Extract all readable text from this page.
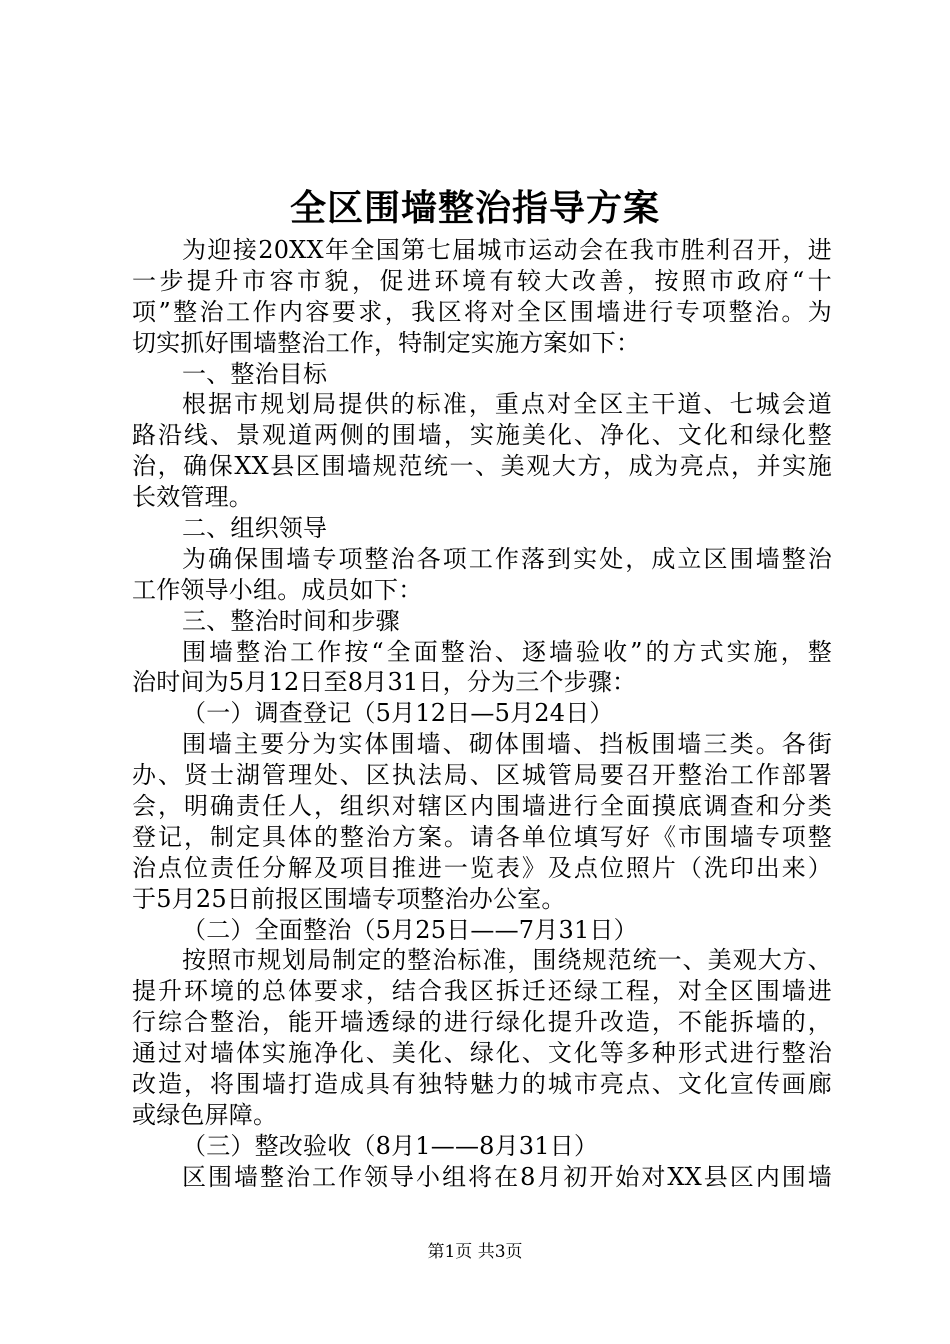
全区围墙整治指导方案
为迎接20XX年全国第七届城市运动会在我市胜利召开，进
一步提升市容市貌，促进环境有较大改善，按照市政府“十
项”整治工作内容要求，我区将对全区围墙进行专项整治。为
切实抓好围墙整治工作，特制定实施方案如下：
一、整治目标
根据市规划局提供的标准，重点对全区主干道、七城会道
路沿线、景观道两侧的围墙，实施美化、净化、文化和绿化整
治，确保XX县区围墙规范统一、美观大方，成为亮点，并实施
长效管理。
二、组织领导
为确保围墙专项整治各项工作落到实处，成立区围墙整治
工作领导小组。成员如下：
三、整治时间和步骤
围墙整治工作按“全面整治、逐墙验收”的方式实施，整
治时间为5月12日至8月31日，分为三个步骤：
（一）调查登记（5月12日—5月24日）
围墙主要分为实体围墙、砌体围墙、挡板围墙三类。各街
办、贤士湖管理处、区执法局、区城管局要召开整治工作部署
会，明确责任人，组织对辖区内围墙进行全面摸底调查和分类
登记，制定具体的整治方案。请各单位填写好《市围墙专项整
治点位责任分解及项目推进一览表》及点位照片（洗印出来）
于5月25日前报区围墙专项整治办公室。
（二）全面整治（5月25日——7月31日）
按照市规划局制定的整治标准，围绕规范统一、美观大方、
提升环境的总体要求，结合我区拆迁还绿工程，对全区围墙进
行综合整治，能开墙透绿的进行绿化提升改造，不能拆墙的，
通过对墙体实施净化、美化、绿化、文化等多种形式进行整治
改造，将围墙打造成具有独特魅力的城市亮点、文化宣传画廊
或绿色屏障。
（三）整改验收（8月1——8月31日）
区围墙整治工作领导小组将在8月初开始对XX县区内围墙
第1页 共3页
